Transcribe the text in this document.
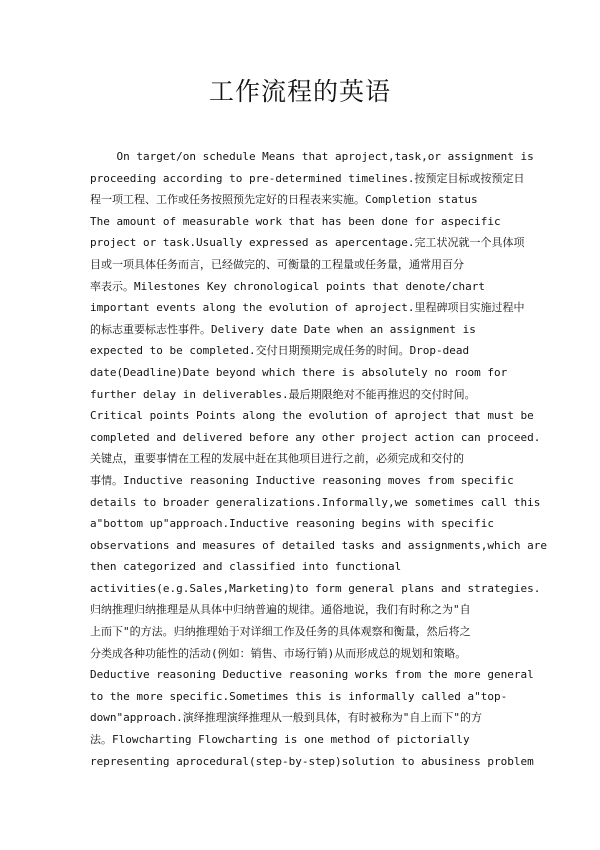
工作流程的英语
On target/on schedule Means that aproject,task,or assignment is
proceeding according to pre-determined timelines.按预定目标或按预定日
程一项工程、工作或任务按照预先定好的日程表来实施。Completion status
The amount of measurable work that has been done for aspecific
project or task.Usually expressed as apercentage.完工状况就一个具体项
目或一项具体任务而言，已经做完的、可衡量的工程量或任务量，通常用百分
率表示。Milestones Key chronological points that denote/chart
important events along the evolution of aproject.里程碑项目实施过程中
的标志重要标志性事件。Delivery date Date when an assignment is
expected to be completed.交付日期预期完成任务的时间。Drop-dead
date(Deadline)Date beyond which there is absolutely no room for
further delay in deliverables.最后期限绝对不能再推迟的交付时间。
Critical points Points along the evolution of aproject that must be
completed and delivered before any other project action can proceed.
关键点，重要事情在工程的发展中赶在其他项目进行之前，必须完成和交付的
事情。Inductive reasoning Inductive reasoning moves from specific
details to broader generalizations.Informally,we sometimes call this
a"bottom up"approach.Inductive reasoning begins with specific
observations and measures of detailed tasks and assignments,which are
then categorized and classified into functional
activities(e.g.Sales,Marketing)to form general plans and strategies.
归纳推理归纳推理是从具体中归纳普遍的规律。通俗地说，我们有时称之为"自
上而下"的方法。归纳推理始于对详细工作及任务的具体观察和衡量，然后将之
分类成各种功能性的活动(例如：销售、市场行销)从而形成总的规划和策略。
Deductive reasoning Deductive reasoning works from the more general
to the more specific.Sometimes this is informally called a"top-
down"approach.演绎推理演绎推理从一般到具体，有时被称为"自上而下"的方
法。Flowcharting Flowcharting is one method of pictorially
representing aprocedural(step-by-step)solution to abusiness problem
